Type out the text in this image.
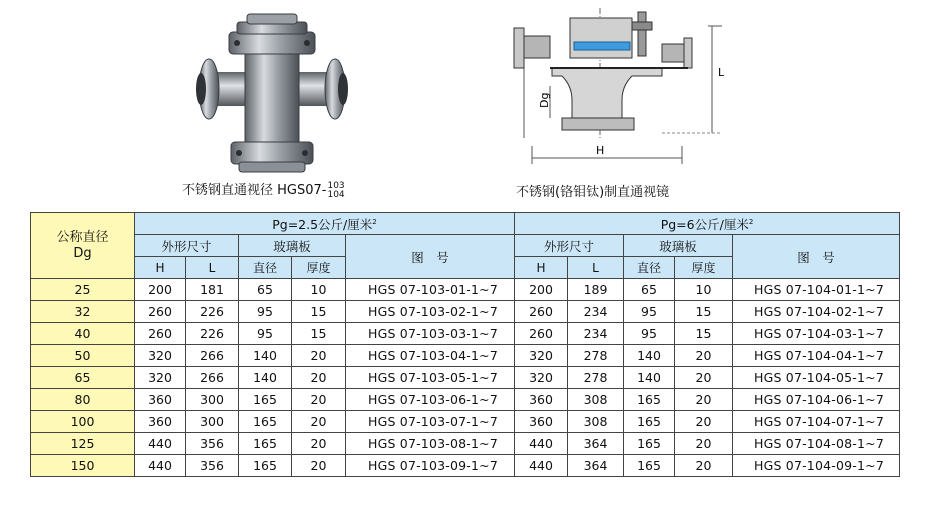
不锈钢直通视径 HGS07- 103
104
Dg
H
L
不锈钢(铬钼钛)制直通视镜
公称直径
Dg	Pg=2.5公斤/厘米$^2$					Pg=6公斤/厘米$^2$
	外形尺寸		玻璃板		图　号	外形尺寸		玻璃板		图　号
	H	L	直径	厚度		H	L	直径	厚度	
25	200	181	65	10	HGS 07-103-01-1~7	200	189	65	10	HGS 07-104-01-1~7
32	260	226	95	15	HGS 07-103-02-1~7	260	234	95	15	HGS 07-104-02-1~7
40	260	226	95	15	HGS 07-103-03-1~7	260	234	95	15	HGS 07-104-03-1~7
50	320	266	140	20	HGS 07-103-04-1~7	320	278	140	20	HGS 07-104-04-1~7
65	320	266	140	20	HGS 07-103-05-1~7	320	278	140	20	HGS 07-104-05-1~7
80	360	300	165	20	HGS 07-103-06-1~7	360	308	165	20	HGS 07-104-06-1~7
100	360	300	165	20	HGS 07-103-07-1~7	360	308	165	20	HGS 07-104-07-1~7
125	440	356	165	20	HGS 07-103-08-1~7	440	364	165	20	HGS 07-104-08-1~7
150	440	356	165	20	HGS 07-103-09-1~7	440	364	165	20	HGS 07-104-09-1~7
